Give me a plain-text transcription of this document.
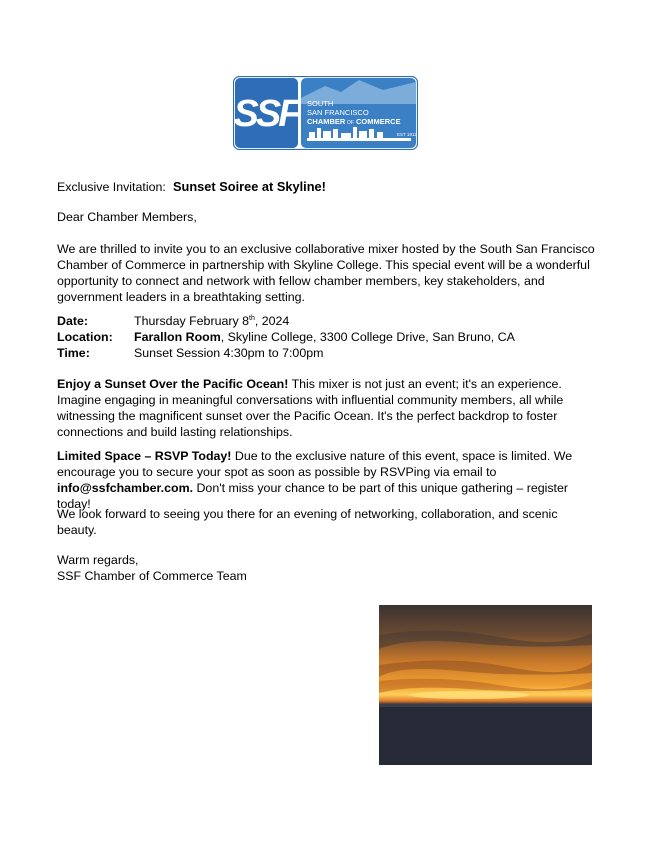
SSF	SOUTH
SAN FRANCISCO
CHAMBER OF COMMERCE
EST 1912

Exclusive Invitation: Sunset Soiree at Skyline!

Dear Chamber Members,

We are thrilled to invite you to an exclusive collaborative mixer hosted by the South San Francisco Chamber of Commerce in partnership with Skyline College. This special event will be a wonderful opportunity to connect and network with fellow chamber members, key stakeholders, and government leaders in a breathtaking setting.

Date:	Thursday February 8th, 2024
Location:	Farallon Room, Skyline College, 3300 College Drive, San Bruno, CA
Time:	Sunset Session 4:30pm to 7:00pm

Enjoy a Sunset Over the Pacific Ocean! This mixer is not just an event; it's an experience. Imagine engaging in meaningful conversations with influential community members, all while witnessing the magnificent sunset over the Pacific Ocean. It's the perfect backdrop to foster connections and build lasting relationships.

Limited Space – RSVP Today! Due to the exclusive nature of this event, space is limited. We encourage you to secure your spot as soon as possible by RSVPing via email to info@ssfchamber.com. Don't miss your chance to be part of this unique gathering – register today!

We look forward to seeing you there for an evening of networking, collaboration, and scenic beauty.

Warm regards,

SSF Chamber of Commerce Team
